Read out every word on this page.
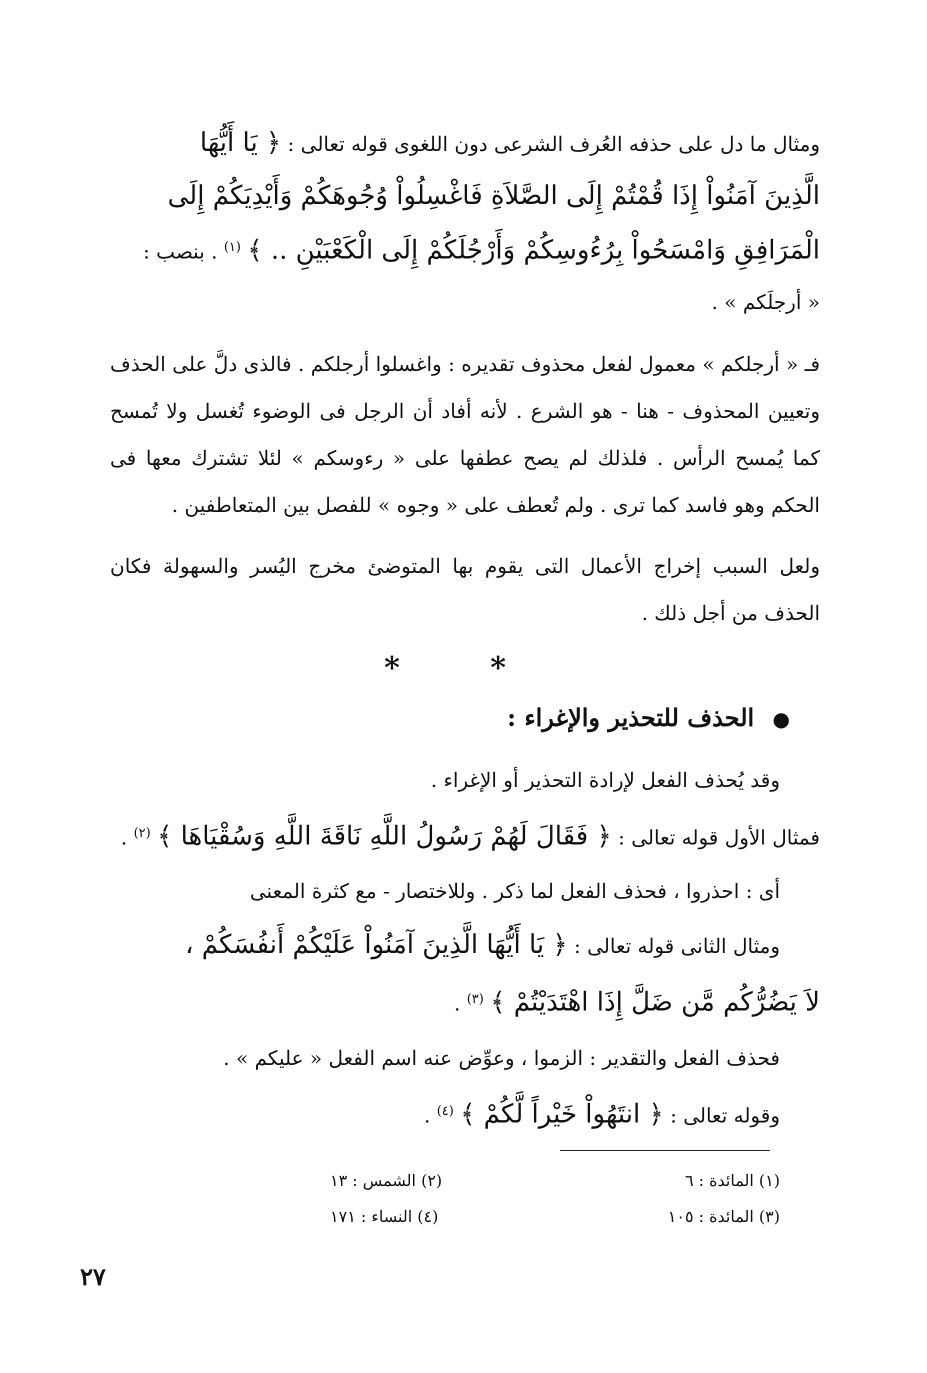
ومثال ما دل على حذفه العُرف الشرعى دون اللغوى قوله تعالى : ﴿ يَا أَيُّهَا
الَّذِينَ آمَنُواْ إِذَا قُمْتُمْ إِلَى الصَّلاَةِ فَاغْسِلُواْ وُجُوهَكُمْ وَأَيْدِيَكُمْ إِلَى
الْمَرَافِقِ وَامْسَحُواْ بِرُءُوسِكُمْ وَأَرْجُلَكُمْ إِلَى الْكَعْبَيْنِ .. ﴾ $^{(١)}$ . بنصب :
« أرجلَكم » .

فـ « أرجلكم » معمول لفعل محذوف تقديره : واغسلوا أرجلكم . فالذى دلَّ على الحذف وتعيين المحذوف - هنا - هو الشرع . لأنه أفاد أن الرجل فى الوضوء تُغسل ولا تُمسح كما يُمسح الرأس . فلذلك لم يصح عطفها على « رءوسكم » لئلا تشترك معها فى الحكم وهو فاسد كما ترى . ولم تُعطف على « وجوه » للفصل بين المتعاطفين .

ولعل السبب إخراج الأعمال التى يقوم بها المتوضئ مخرج اليُسر والسهولة فكان الحذف من أجل ذلك .

* *
● الحذف للتحذير والإغراء :

وقد يُحذف الفعل لإرادة التحذير أو الإغراء .

فمثال الأول قوله تعالى : ﴿ فَقَالَ لَهُمْ رَسُولُ اللَّهِ نَاقَةَ اللَّهِ وَسُقْيَاهَا ﴾ $^{(٢)}$ .

أى : احذروا ، فحذف الفعل لما ذكر . وللاختصار - مع كثرة المعنى

ومثال الثانى قوله تعالى : ﴿ يَا أَيُّهَا الَّذِينَ آمَنُواْ عَلَيْكُمْ أَنفُسَكُمْ ،

لاَ يَضُرُّكُم مَّن ضَلَّ إِذَا اهْتَدَيْتُمْ ﴾ $^{(٣)}$ .

فحذف الفعل والتقدير : الزموا ، وعوِّض عنه اسم الفعل « عليكم » .

وقوله تعالى : ﴿ انتَهُواْ خَيْراً لَّكُمْ ﴾ $^{(٤)}$ .

(١) المائدة : ٦
(٢) الشمس : ١٣
(٣) المائدة : ١٠٥
(٤) النساء : ١٧١
٢٧
